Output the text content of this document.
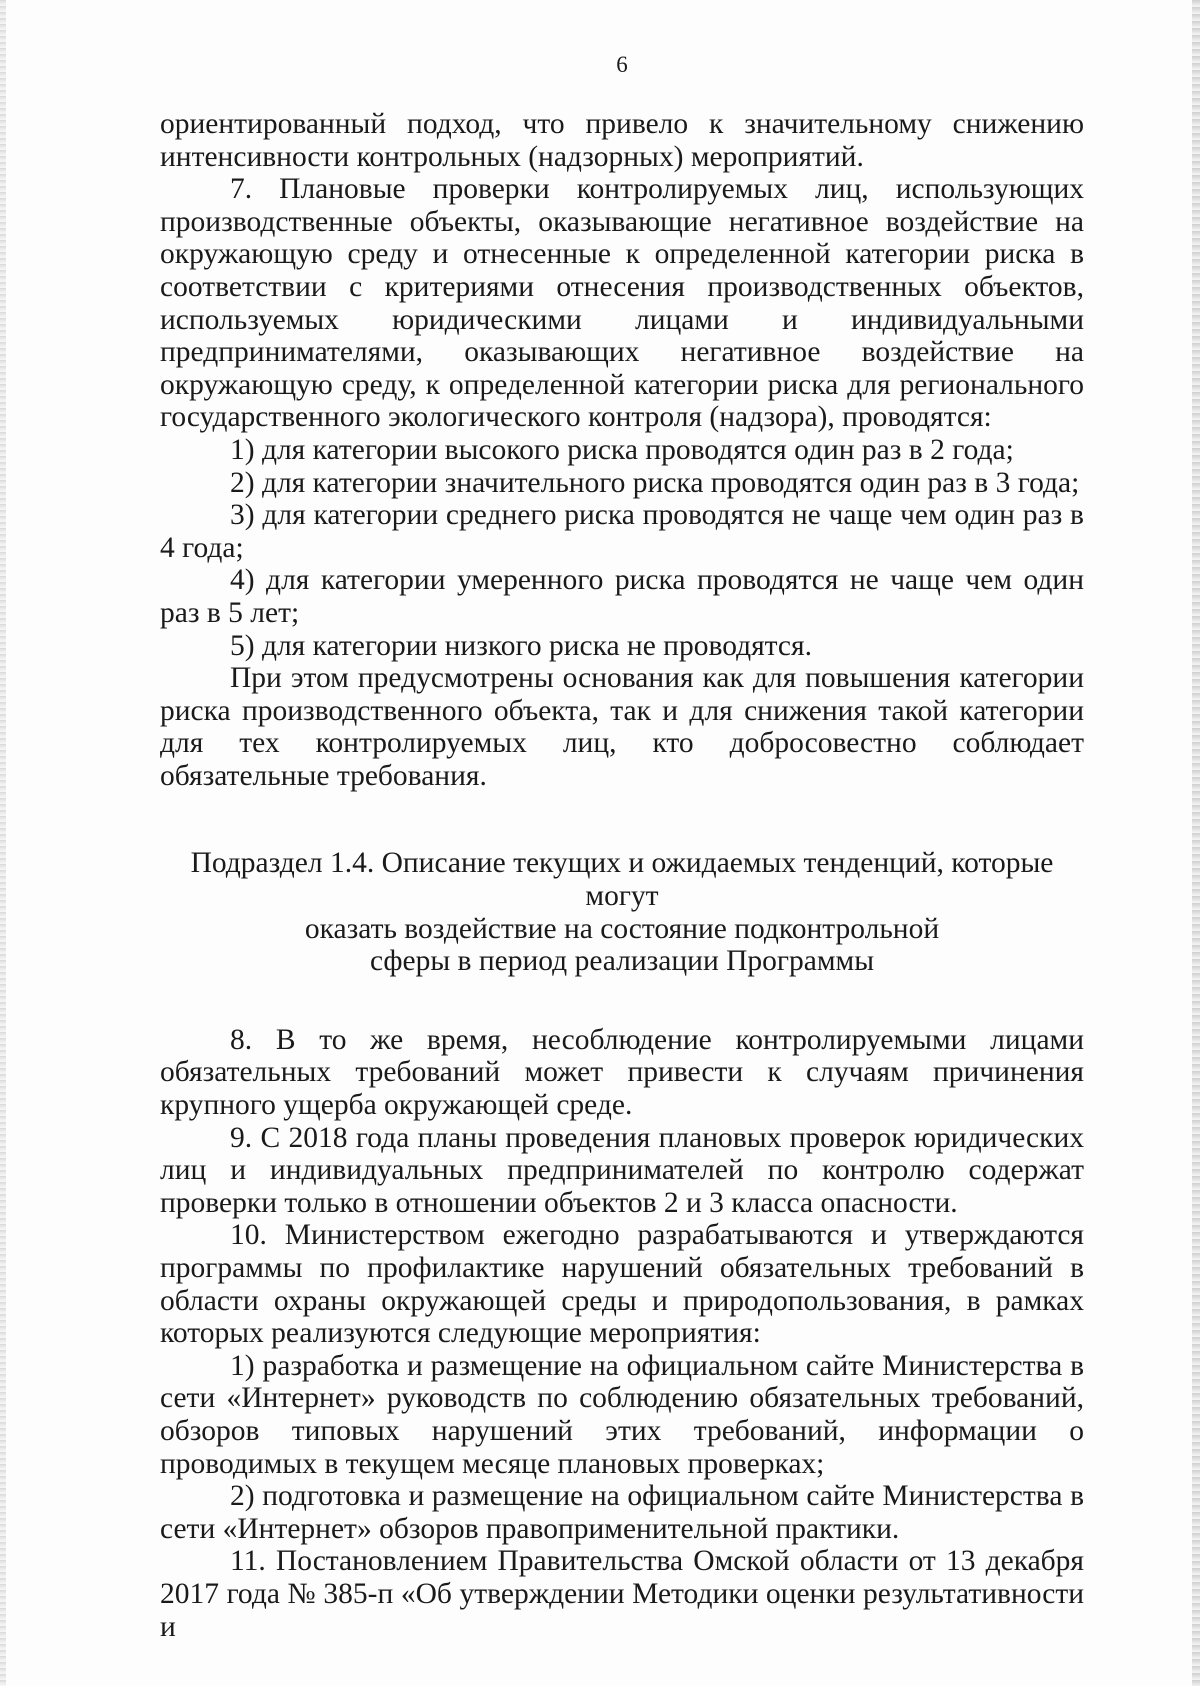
6

ориентированный подход, что привело к значительному снижению интенсивности контрольных (надзорных) мероприятий.

7. Плановые проверки контролируемых лиц, использующих производственные объекты, оказывающие негативное воздействие на окружающую среду и отнесенные к определенной категории риска в соответствии с критериями отнесения производственных объектов, используемых юридическими лицами и индивидуальными предпринимателями, оказывающих негативное воздействие на окружающую среду, к определенной категории риска для регионального государственного экологического контроля (надзора), проводятся:

1) для категории высокого риска проводятся один раз в 2 года;

2) для категории значительного риска проводятся один раз в 3 года;

3) для категории среднего риска проводятся не чаще чем один раз в 4 года;

4) для категории умеренного риска проводятся не чаще чем один раз в 5 лет;

5) для категории низкого риска не проводятся.

При этом предусмотрены основания как для повышения категории риска производственного объекта, так и для снижения такой категории для тех контролируемых лиц, кто добросовестно соблюдает обязательные требования.

Подраздел 1.4. Описание текущих и ожидаемых тенденций, которые могут
оказать воздействие на состояние подконтрольной
сферы в период реализации Программы

8. В то же время, несоблюдение контролируемыми лицами обязательных требований может привести к случаям причинения крупного ущерба окружающей среде.

9. С 2018 года планы проведения плановых проверок юридических лиц и индивидуальных предпринимателей по контролю содержат проверки только в отношении объектов 2 и 3 класса опасности.

10. Министерством ежегодно разрабатываются и утверждаются программы по профилактике нарушений обязательных требований в области охраны окружающей среды и природопользования, в рамках которых реализуются следующие мероприятия:

1) разработка и размещение на официальном сайте Министерства в сети «Интернет» руководств по соблюдению обязательных требований, обзоров типовых нарушений этих требований, информации о проводимых в текущем месяце плановых проверках;

2) подготовка и размещение на официальном сайте Министерства в сети «Интернет» обзоров правоприменительной практики.

11. Постановлением Правительства Омской области от 13 декабря 2017 года № 385-п «Об утверждении Методики оценки результативности и
